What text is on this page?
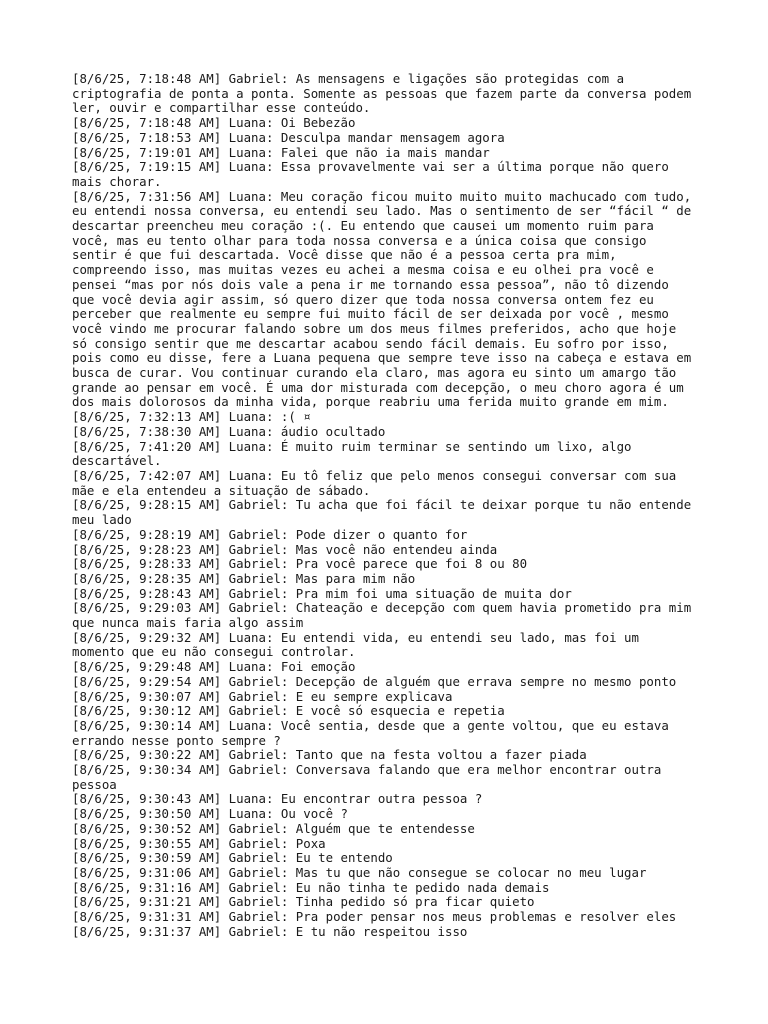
[8/6/25, 7:18:48 AM] Gabriel: As mensagens e ligações são protegidas com a
criptografia de ponta a ponta. Somente as pessoas que fazem parte da conversa podem
ler, ouvir e compartilhar esse conteúdo.
[8/6/25, 7:18:48 AM] Luana: Oi Bebezão
[8/6/25, 7:18:53 AM] Luana: Desculpa mandar mensagem agora
[8/6/25, 7:19:01 AM] Luana: Falei que não ia mais mandar
[8/6/25, 7:19:15 AM] Luana: Essa provavelmente vai ser a última porque não quero
mais chorar.
[8/6/25, 7:31:56 AM] Luana: Meu coração ficou muito muito muito machucado com tudo,
eu entendi nossa conversa, eu entendi seu lado. Mas o sentimento de ser “fácil “ de
descartar preencheu meu coração :(. Eu entendo que causei um momento ruim para
você, mas eu tento olhar para toda nossa conversa e a única coisa que consigo
sentir é que fui descartada. Você disse que não é a pessoa certa pra mim,
compreendo isso, mas muitas vezes eu achei a mesma coisa e eu olhei pra você e
pensei “mas por nós dois vale a pena ir me tornando essa pessoa”, não tô dizendo
que você devia agir assim, só quero dizer que toda nossa conversa ontem fez eu
perceber que realmente eu sempre fui muito fácil de ser deixada por você , mesmo
você vindo me procurar falando sobre um dos meus filmes preferidos, acho que hoje
só consigo sentir que me descartar acabou sendo fácil demais. Eu sofro por isso,
pois como eu disse, fere a Luana pequena que sempre teve isso na cabeça e estava em
busca de curar. Vou continuar curando ela claro, mas agora eu sinto um amargo tão
grande ao pensar em você. É uma dor misturada com decepção, o meu choro agora é um
dos mais dolorosos da minha vida, porque reabriu uma ferida muito grande em mim.
[8/6/25, 7:32:13 AM] Luana: :( ¤
[8/6/25, 7:38:30 AM] Luana: áudio ocultado
[8/6/25, 7:41:20 AM] Luana: É muito ruim terminar se sentindo um lixo, algo
descartável.
[8/6/25, 7:42:07 AM] Luana: Eu tô feliz que pelo menos consegui conversar com sua
mãe e ela entendeu a situação de sábado.
[8/6/25, 9:28:15 AM] Gabriel: Tu acha que foi fácil te deixar porque tu não entende
meu lado
[8/6/25, 9:28:19 AM] Gabriel: Pode dizer o quanto for
[8/6/25, 9:28:23 AM] Gabriel: Mas você não entendeu ainda
[8/6/25, 9:28:33 AM] Gabriel: Pra você parece que foi 8 ou 80
[8/6/25, 9:28:35 AM] Gabriel: Mas para mim não
[8/6/25, 9:28:43 AM] Gabriel: Pra mim foi uma situação de muita dor
[8/6/25, 9:29:03 AM] Gabriel: Chateação e decepção com quem havia prometido pra mim
que nunca mais faria algo assim
[8/6/25, 9:29:32 AM] Luana: Eu entendi vida, eu entendi seu lado, mas foi um
momento que eu não consegui controlar.
[8/6/25, 9:29:48 AM] Luana: Foi emoção
[8/6/25, 9:29:54 AM] Gabriel: Decepção de alguém que errava sempre no mesmo ponto
[8/6/25, 9:30:07 AM] Gabriel: E eu sempre explicava
[8/6/25, 9:30:12 AM] Gabriel: E você só esquecia e repetia
[8/6/25, 9:30:14 AM] Luana: Você sentia, desde que a gente voltou, que eu estava
errando nesse ponto sempre ?
[8/6/25, 9:30:22 AM] Gabriel: Tanto que na festa voltou a fazer piada
[8/6/25, 9:30:34 AM] Gabriel: Conversava falando que era melhor encontrar outra
pessoa
[8/6/25, 9:30:43 AM] Luana: Eu encontrar outra pessoa ?
[8/6/25, 9:30:50 AM] Luana: Ou você ?
[8/6/25, 9:30:52 AM] Gabriel: Alguém que te entendesse
[8/6/25, 9:30:55 AM] Gabriel: Poxa
[8/6/25, 9:30:59 AM] Gabriel: Eu te entendo
[8/6/25, 9:31:06 AM] Gabriel: Mas tu que não consegue se colocar no meu lugar
[8/6/25, 9:31:16 AM] Gabriel: Eu não tinha te pedido nada demais
[8/6/25, 9:31:21 AM] Gabriel: Tinha pedido só pra ficar quieto
[8/6/25, 9:31:31 AM] Gabriel: Pra poder pensar nos meus problemas e resolver eles
[8/6/25, 9:31:37 AM] Gabriel: E tu não respeitou isso
